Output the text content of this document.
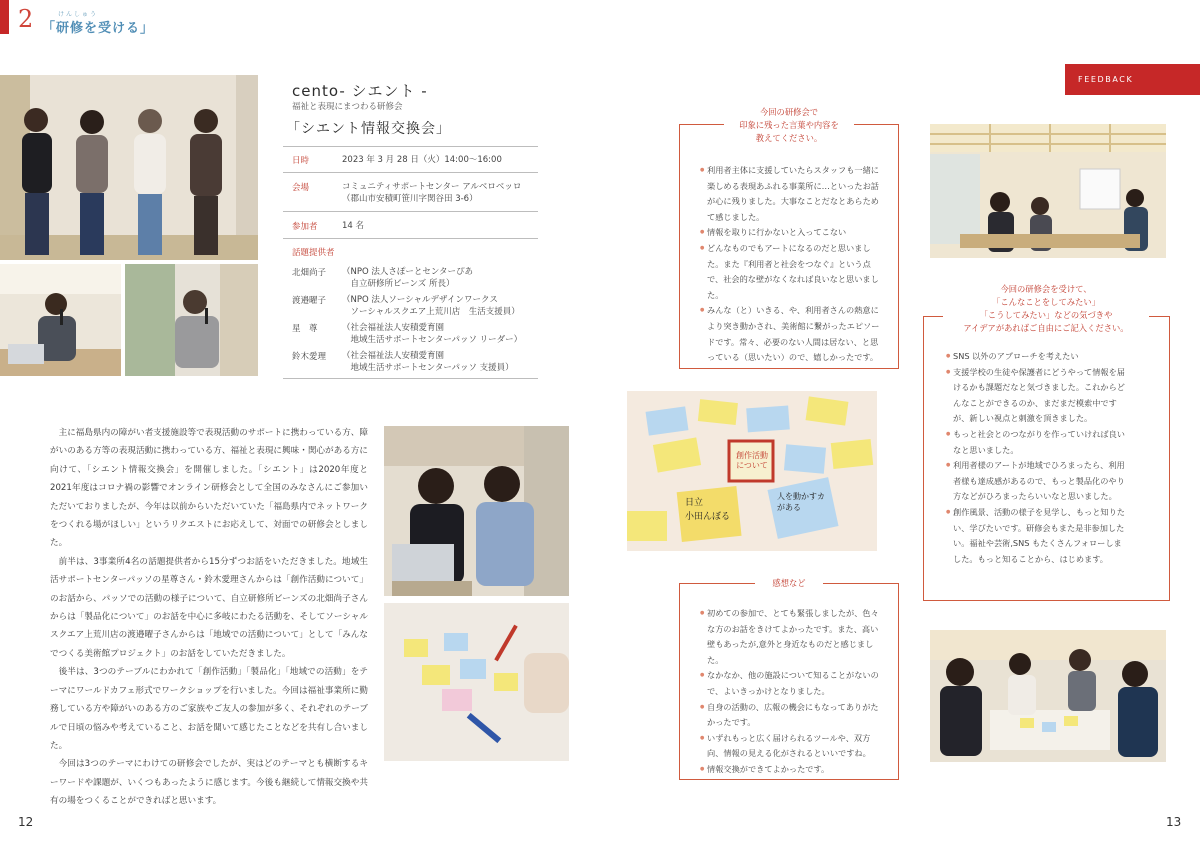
2	けんしゅう
「研修を受ける」
cento- シエント -
福祉と表現にまつわる研修会
「シエント情報交換会」
日時	2023 年 3 月 28 日（火）14:00〜16:00
会場	コミュニティサポートセンター アルベロベッロ
（郡山市安積町笹川字関谷田 3-6）
参加者	14 名
話題提供者
北畑尚子 （NPO 法人さぽーとセンターぴあ
　自立研修所ビーンズ 所長）
渡邉曜子 （NPO 法人ソーシャルデザインワークス
　ソーシャルスクエア上荒川店　生活支援員）
星　尊	（社会福祉法人安積愛育園
　地域生活サポートセンターパッソ リーダー）
鈴木愛理 （社会福祉法人安積愛育園
　地域生活サポートセンターパッソ 支援員）

主に福島県内の障がい者支援施設等で表現活動のサポートに携わっている方、障がいのある方等の表現活動に携わっている方、福祉と表現に興味・関心がある方に向けて、「シエント情報交換会」を開催しました。「シエント」は2020年度と2021年度はコロナ禍の影響でオンライン研修会として全国のみなさんにご参加いただいておりましたが、今年は以前からいただいていた「福島県内でネットワークをつくれる場がほしい」というリクエストにお応えして、対面での研修会としました。

前半は、3事業所4名の話題提供者から15分ずつお話をいただきました。地域生活サポートセンターパッソの星尊さん・鈴木愛理さんからは「創作活動について」のお話から、パッソでの活動の様子について、自立研修所ビーンズの北畑尚子さんからは「製品化について」のお話を中心に多岐にわたる活動を、そしてソーシャルスクエア上荒川店の渡邉曜子さんからは「地域での活動について」として「みんなでつくる美術館プロジェクト」のお話をしていただきました。

後半は、3つのテーブルにわかれて「創作活動」「製品化」「地域での活動」をテーマにワールドカフェ形式でワークショップを行いました。今回は福祉事業所に勤務している方や障がいのある方のご家族やご友人の参加が多く、それぞれのテーブルで日頃の悩みや考えていること、お話を聞いて感じたことなどを共有し合いました。

今回は3つのテーマにわけての研修会でしたが、実はどのテーマとも横断するキーワードや課題が、いくつもあったように感じます。今後も継続して情報交換や共有の場をつくることができればと思います。

FEEDBACK
今回の研修会で
印象に残った言葉や内容を
教えてください。
● 利用者主体に支援していたらスタッフも一緒に楽しめる表現あふれる事業所に…といったお話が心に残りました。大事なことだなとあらためて感じました。
● 情報を取りに行かないと入ってこない
● どんなものでもアートになるのだと思いました。また『利用者と社会をつなぐ』という点で、社会的な壁がなくなれば良いなと思いました。
● みんな（と）いきる、や、利用者さんの熱意により突き動かされ、美術館に繋がったエピソードです。常々、必要のない人間は居ない、と思っている（思いたい）ので、嬉しかったです。
今回の研修会を受けて、
「こんなことをしてみたい」
「こうしてみたい」などの気づきや
アイデアがあればご自由にご記入ください。
● SNS 以外のアプローチを考えたい
● 支援学校の生徒や保護者にどうやって情報を届けるかも課題だなと気づきました。これからどんなことができるのか、まだまだ模索中ですが、新しい視点と刺激を頂きました。
● もっと社会とのつながりを作っていければ良いなと思いました。
● 利用者様のアートが地域でひろまったら、利用者様も達成感があるので、もっと製品化のやり方などがひろまったらいいなと思いました。
● 創作風景、活動の様子を見学し、もっと知りたい、学びたいです。研修会もまた是非参加したい。福祉や芸術,SNS もたくさんフォローしました。もっと知ることから、はじめます。
創作活動について
日立
小田んぼる
人を動かすカがある
感想など
● 初めての参加で、とても緊張しましたが、色々な方のお話をきけてよかったです。また、高い壁もあったが,意外と身近なものだと感じました。
● なかなか、他の施設について知ることがないので、よいきっかけとなりました。
● 自身の活動の、広報の機会にもなってありがたかったです。
● いずれもっと広く届けられるツールや、双方向、情報の見える化がされるといいですね。
● 情報交換ができてよかったです。
12	13
